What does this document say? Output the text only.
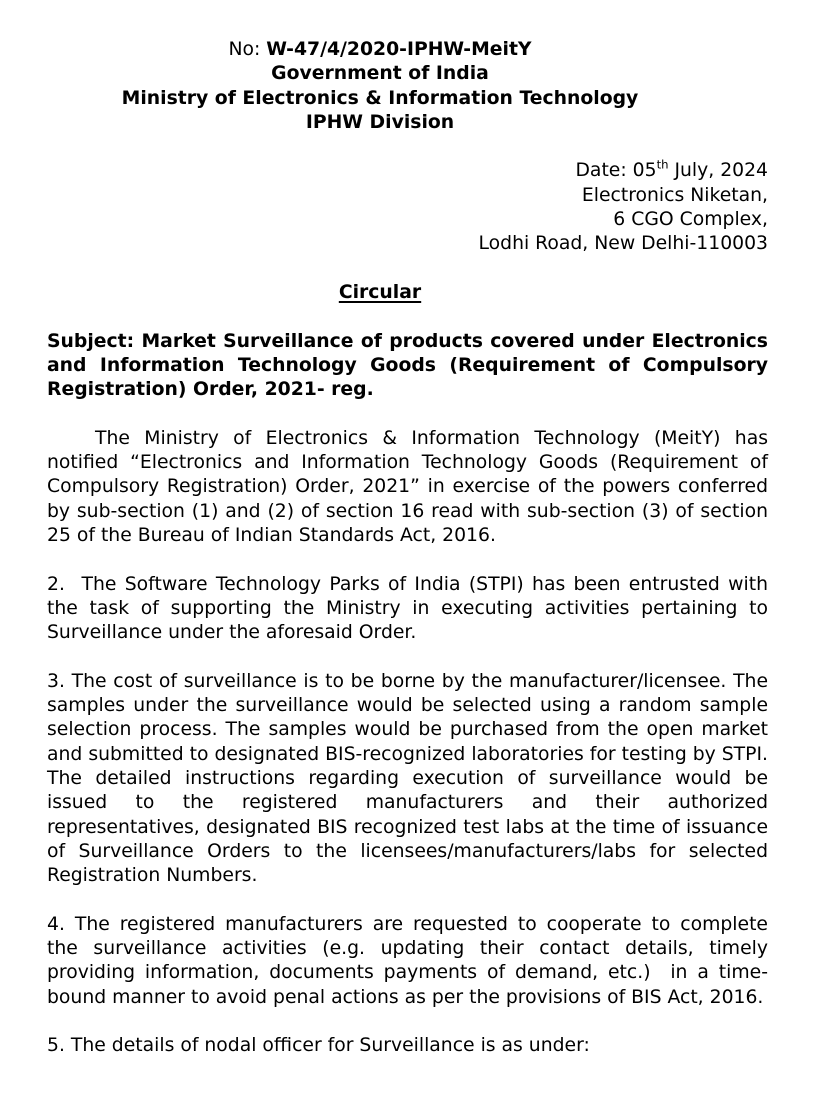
No: W-47/4/2020-IPHW-MeitY
Government of India
Ministry of Electronics & Information Technology
IPHW Division
Date: 05th July, 2024
Electronics Niketan,
6 CGO Complex,
Lodhi Road, New Delhi-110003
Circular

Subject: Market Surveillance of products covered under Electronics and Information Technology Goods (Requirement of Compulsory Registration) Order, 2021- reg.

The Ministry of Electronics & Information Technology (MeitY) has notified “Electronics and Information Technology Goods (Requirement of Compulsory Registration) Order, 2021” in exercise of the powers conferred by sub-section (1) and (2) of section 16 read with sub-section (3) of section 25 of the Bureau of Indian Standards Act, 2016.

2.  The Software Technology Parks of India (STPI) has been entrusted with the task of supporting the Ministry in executing activities pertaining to Surveillance under the aforesaid Order.

3. The cost of surveillance is to be borne by the manufacturer/licensee. The samples under the surveillance would be selected using a random sample selection process. The samples would be purchased from the open market and submitted to designated BIS-recognized laboratories for testing by STPI. The detailed instructions regarding execution of surveillance would be issued to the registered manufacturers and their authorized representatives, designated BIS recognized test labs at the time of issuance of Surveillance Orders to the licensees/manufacturers/labs for selected Registration Numbers.

4. The registered manufacturers are requested to cooperate to complete the surveillance activities (e.g. updating their contact details, timely providing information, documents payments of demand, etc.)  in a time-bound manner to avoid penal actions as per the provisions of BIS Act, 2016.

5. The details of nodal officer for Surveillance is as under:
